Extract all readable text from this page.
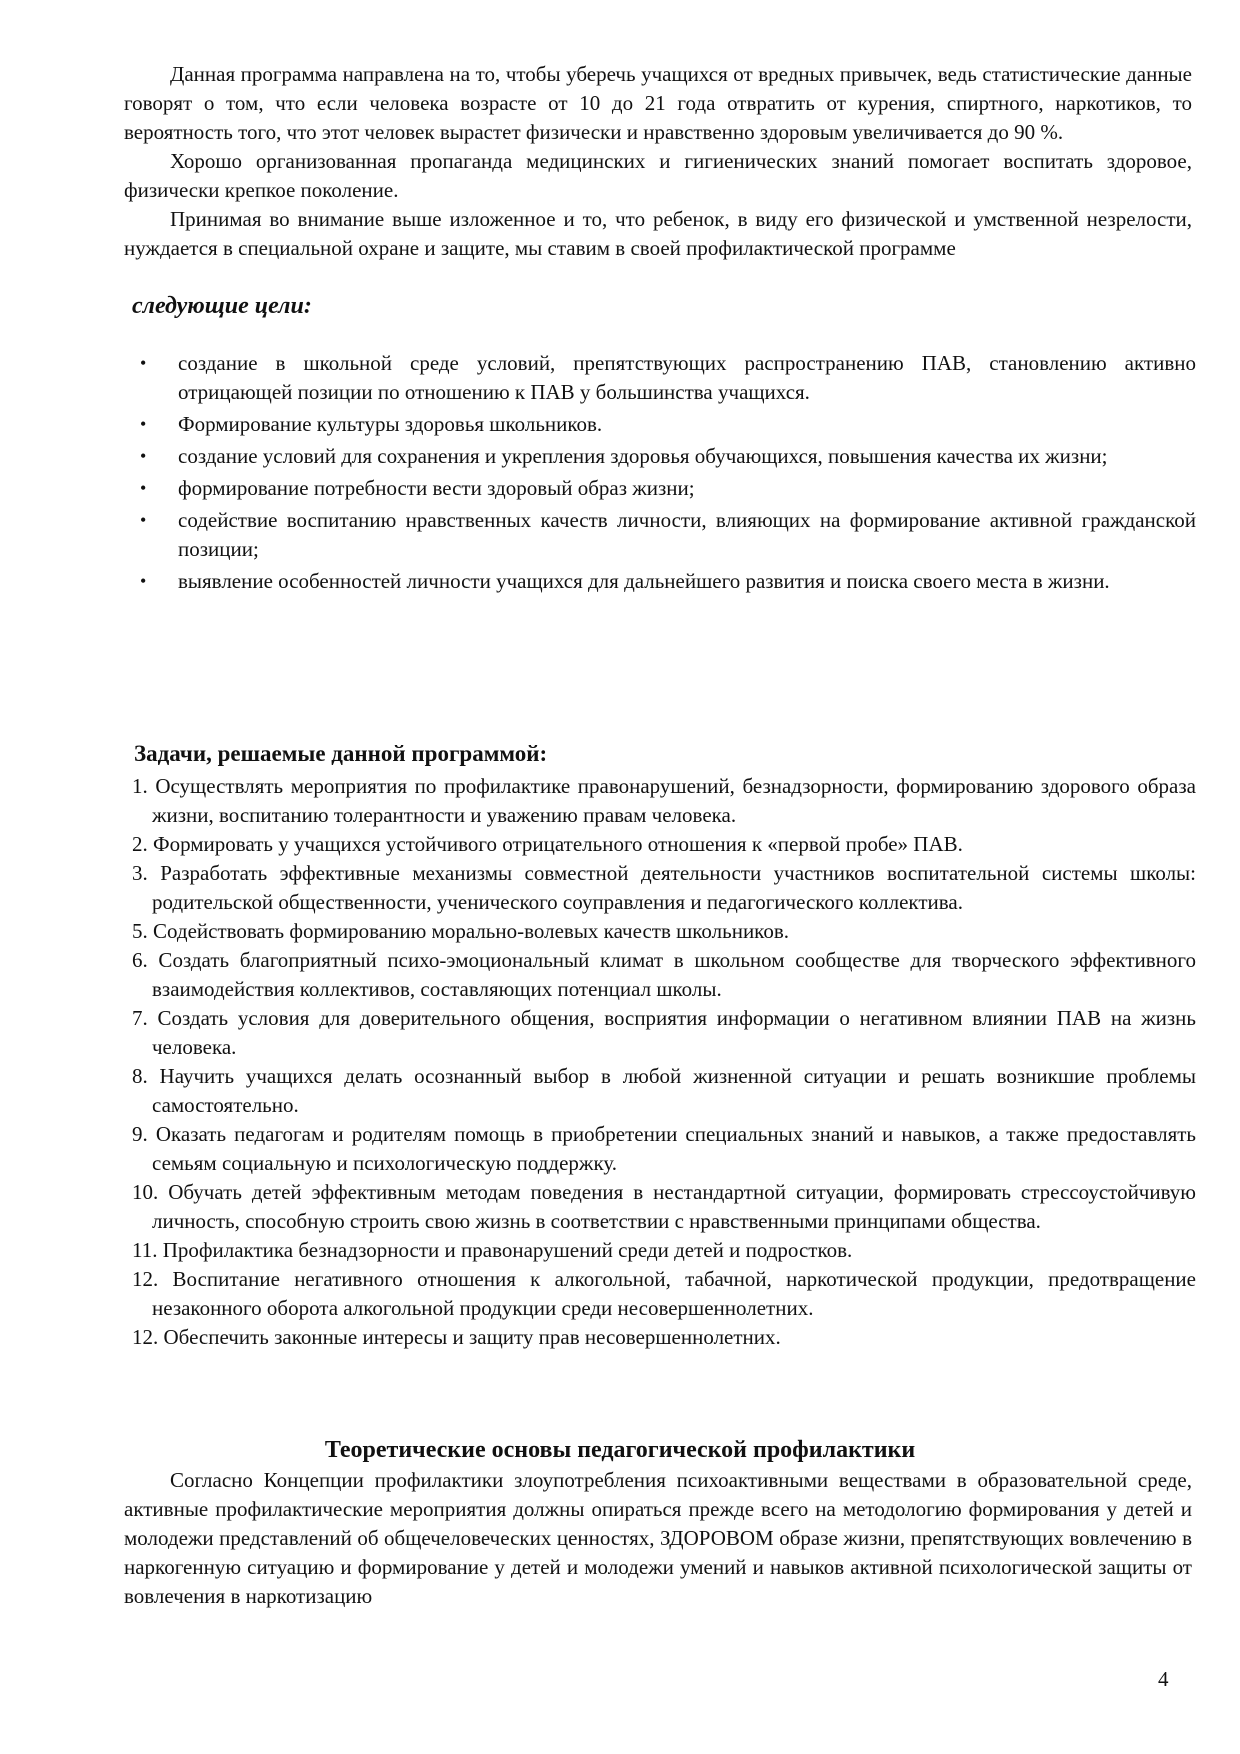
Данная программа направлена на то, чтобы уберечь учащихся от вредных привычек, ведь статистические данные говорят о том, что если человека возрасте от 10 до 21 года отвратить от курения, спиртного, наркотиков, то вероятность того, что этот человек вырастет физически и нравственно здоровым увеличивается до 90 %.

Хорошо организованная пропаганда медицинских и гигиенических знаний помогает воспитать здоровое, физически крепкое поколение.

Принимая во внимание выше изложенное и то, что ребенок, в виду его физической и умственной незрелости, нуждается в специальной охране и защите, мы ставим в своей профилактической программе

следующие цели:
• создание в школьной среде условий, препятствующих распространению ПАВ, становлению активно отрицающей позиции по отношению к ПАВ у большинства учащихся.
• Формирование культуры здоровья школьников.
• создание условий для сохранения и укрепления здоровья обучающихся, повышения качества их жизни;
• формирование потребности вести здоровый образ жизни;
• содействие воспитанию нравственных качеств личности, влияющих на формирование активной гражданской позиции;
• выявление особенностей личности учащихся для дальнейшего развития и поиска своего места в жизни.
Задачи, решаемые данной программой:
1. Осуществлять мероприятия по профилактике правонарушений, безнадзорности, формированию здорового образа жизни, воспитанию толерантности и уважению правам человека.
2. Формировать у учащихся устойчивого отрицательного отношения к «первой пробе» ПАВ.
3. Разработать эффективные механизмы совместной деятельности участников воспитательной системы школы: родительской общественности, ученического соуправления и педагогического коллектива.
5. Содействовать формированию морально-волевых качеств школьников.
6. Создать благоприятный психо-эмоциональный климат в школьном сообществе для творческого эффективного взаимодействия коллективов, составляющих потенциал школы.
7. Создать условия для доверительного общения, восприятия информации о негативном влиянии ПАВ на жизнь человека.
8. Научить учащихся делать осознанный выбор в любой жизненной ситуации и решать возникшие проблемы самостоятельно.
9. Оказать педагогам и родителям помощь в приобретении специальных знаний и навыков, а также предоставлять семьям социальную и психологическую поддержку.
10. Обучать детей эффективным методам поведения в нестандартной ситуации, формировать стрессоустойчивую личность, способную строить свою жизнь в соответствии с нравственными принципами общества.
11. Профилактика безнадзорности и правонарушений среди детей и подростков.
12. Воспитание негативного отношения к алкогольной, табачной, наркотической продукции, предотвращение незаконного оборота алкогольной продукции среди несовершеннолетних.
12. Обеспечить законные интересы и защиту прав несовершеннолетних.
Теоретические основы педагогической профилактики

Согласно Концепции профилактики злоупотребления психоактивными веществами в образовательной среде, активные профилактические мероприятия должны опираться прежде всего на методологию формирования у детей и молодежи представлений об общечеловеческих ценностях, ЗДОРОВОМ образе жизни, препятствующих вовлечению в наркогенную ситуацию и формирование у детей и молодежи умений и навыков активной психологической защиты от вовлечения в наркотизацию

4
